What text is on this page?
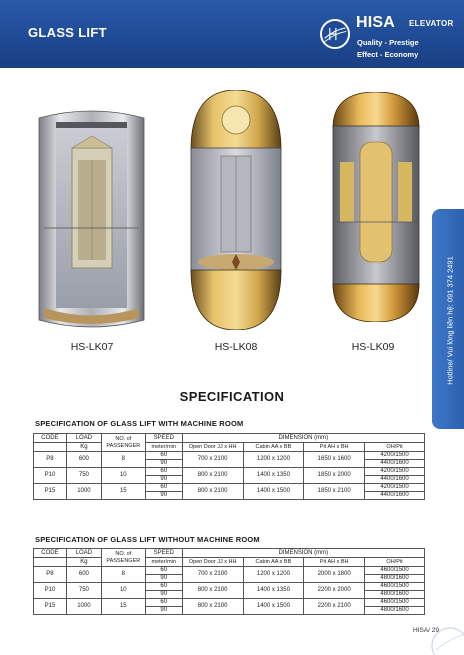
GLASS LIFT
HISA ELEVATOR
Quality - Prestige
Effect - Economy
HS-LK07	HS-LK08	HS-LK09	Hotline/ Vui lòng liên hệ: 091 374 2491
SPECIFICATION
SPECIFICATION OF GLASS LIFT WITH MACHINE ROOM
CODE	LOAD	NO. of PASSENGER	SPEED	DIMENSION (mm)			
	Kg		meter/min	Open Door JJ x HH	Cabin AA x BB	Pit AH x BH	OH/Pit
P8	600	8	60	700 x 2100	1200 x 1200	1650 x 1600	4200/1500
			90				4400/1600
P10	750	10	60	800 x 2100	1400 x 1350	1850 x 2000	4200/1500
			90				4400/1600
P15	1000	15	60	800 x 2100	1400 x 1500	1850 x 2100	4200/1500
			90				4400/1600
SPECIFICATION OF GLASS LIFT WITHOUT MACHINE ROOM
CODE	LOAD	NO. of PASSENGER	SPEED	DIMENSION (mm)			
	Kg		meter/min	Open Door JJ x HH	Cabin AA x BB	Pit AH x BH	OH/Pit
P8	600	8	60	700 x 2100	1200 x 1200	2000 x 1800	4600/1500
			90				4800/1600
P10	750	10	60	800 x 2100	1400 x 1350	2200 x 2000	4600/1500
			90				4800/1600
P15	1000	15	60	800 x 2100	1400 x 1500	2200 x 2100	4600/1500
			90				4800/1600
HISA/ 29
